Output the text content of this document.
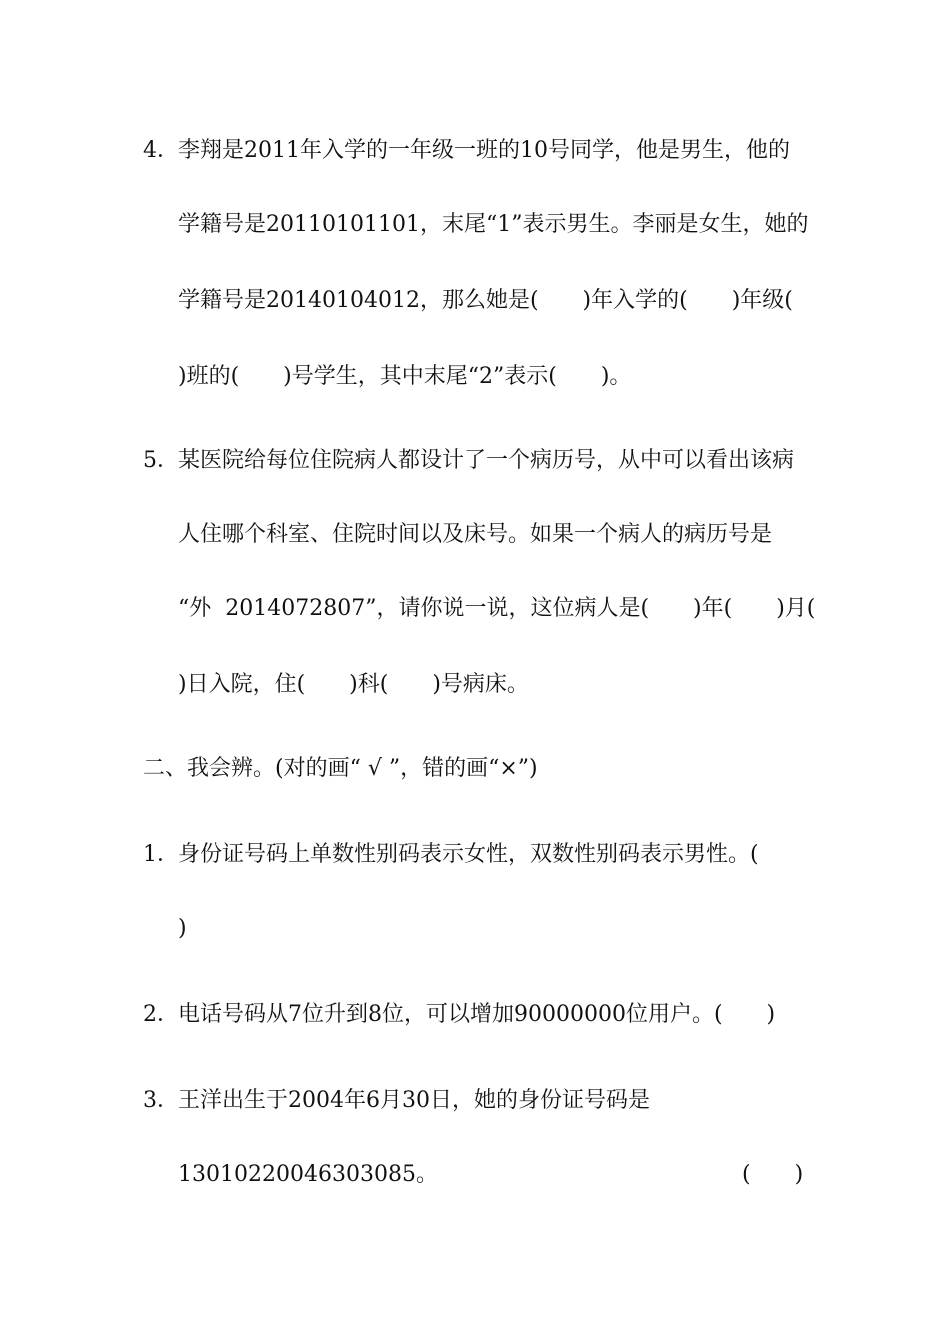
4． 李翔是2011年入学的一年级一班的10号同学，他是男生，他的
学籍号是20110101101，末尾“1”表示男生。李丽是女生，她的
学籍号是20140104012，那么她是(　　)年入学的(　　)年级(
)班的(　　)号学生，其中末尾“2”表示(　　)。
5． 某医院给每位住院病人都设计了一个病历号，从中可以看出该病
人住哪个科室、住院时间以及床号。如果一个病人的病历号是
“外  2014072807”，请你说一说，这位病人是(　　)年(　　)月(
)日入院，住(　　)科(　　)号病床。
二、我会辨。(对的画“ √ ”，错的画“×”)
1． 身份证号码上单数性别码表示女性，双数性别码表示男性。(
)
2． 电话号码从7位升到8位，可以增加90000000位用户。(　　)
3． 王洋出生于2004年6月30日，她的身份证号码是
13010220046303085。	(　　)
